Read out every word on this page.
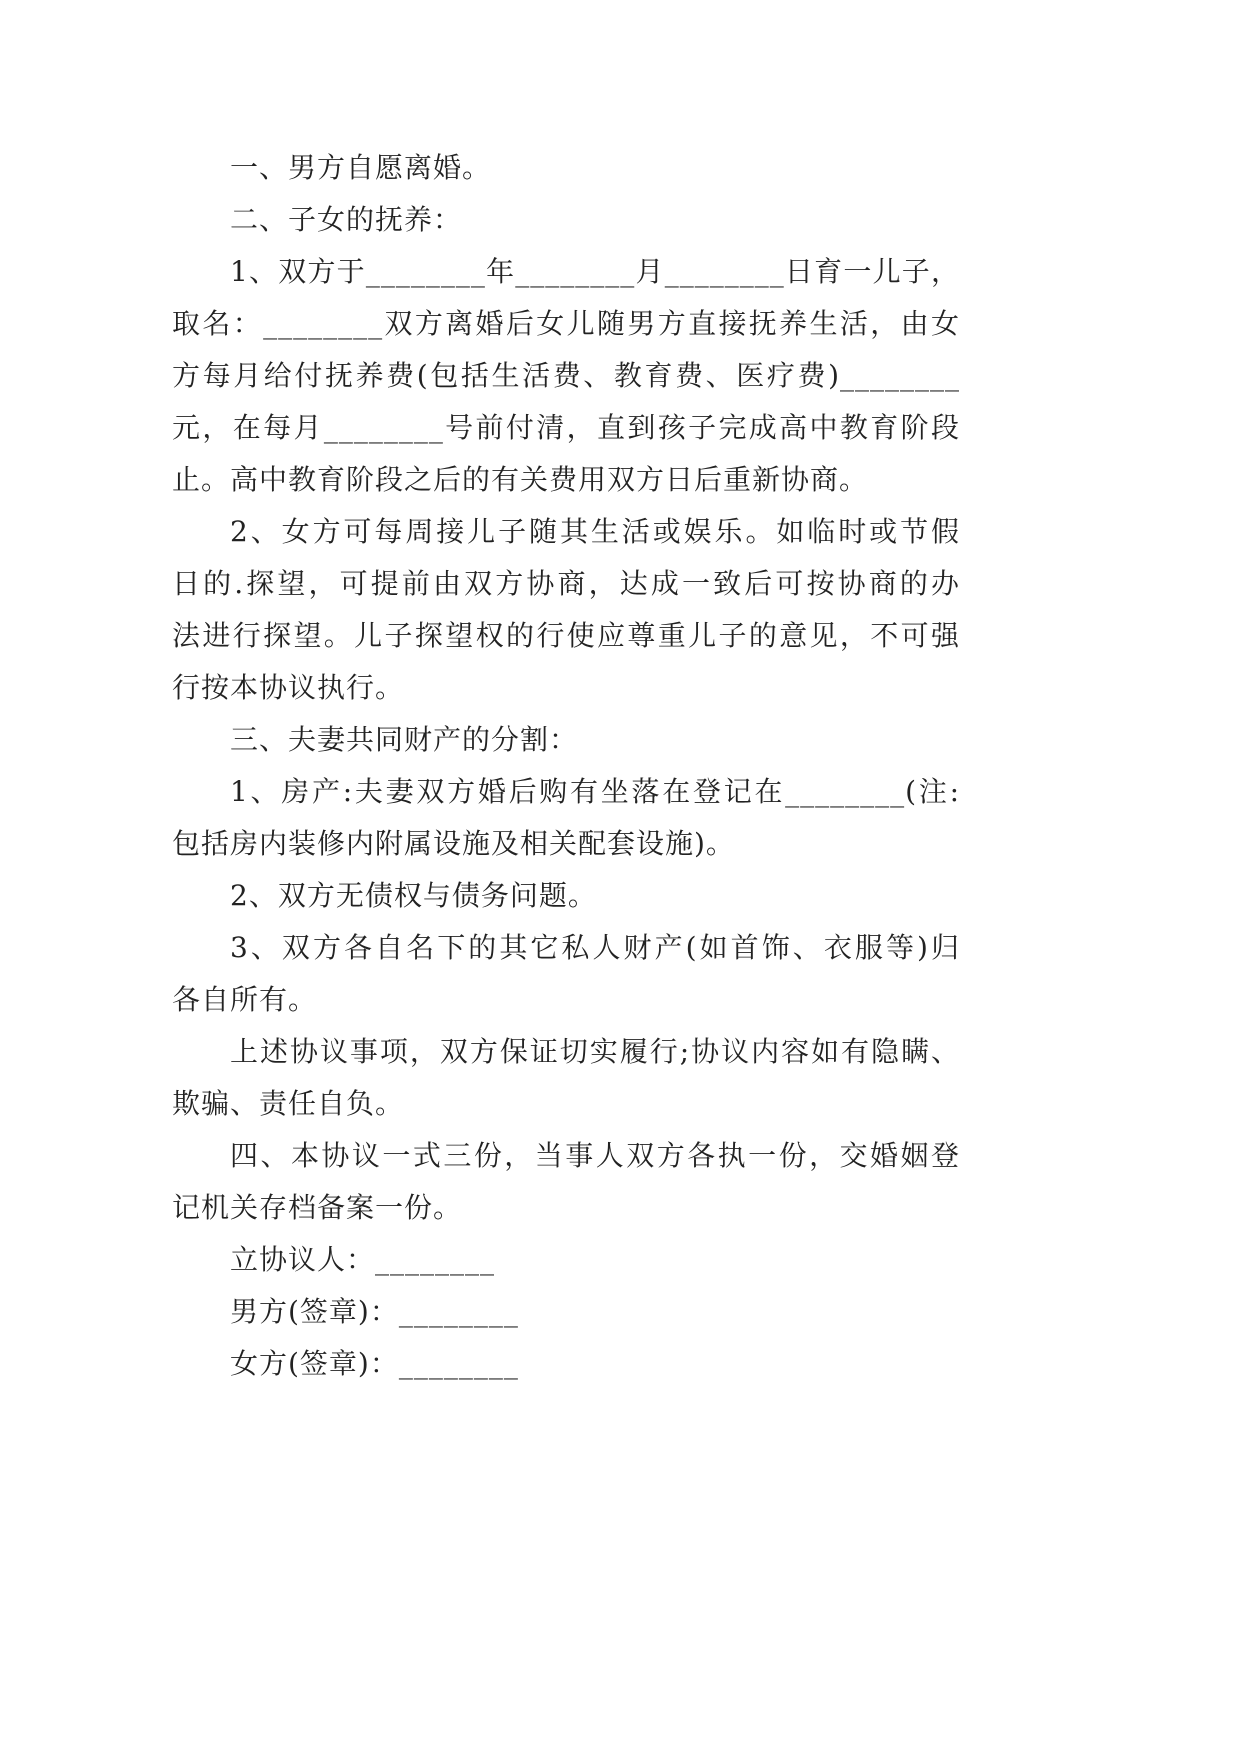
一、男方自愿离婚。
二、子女的抚养：
1、双方于________年________月________日育一儿子，
取名：________双方离婚后女儿随男方直接抚养生活，由女
方每月给付抚养费(包括生活费、教育费、医疗费)________
元，在每月________号前付清，直到孩子完成高中教育阶段
止。高中教育阶段之后的有关费用双方日后重新协商。
2、女方可每周接儿子随其生活或娱乐。如临时或节假
日的.探望，可提前由双方协商，达成一致后可按协商的办
法进行探望。儿子探望权的行使应尊重儿子的意见，不可强
行按本协议执行。
三、夫妻共同财产的分割：
1、房产:夫妻双方婚后购有坐落在登记在________(注:
包括房内装修内附属设施及相关配套设施)。
2、双方无债权与债务问题。
3、双方各自名下的其它私人财产(如首饰、衣服等)归
各自所有。
上述协议事项，双方保证切实履行;协议内容如有隐瞒、
欺骗、责任自负。
四、本协议一式三份，当事人双方各执一份，交婚姻登
记机关存档备案一份。
立协议人：________
男方(签章)：________
女方(签章)：________
